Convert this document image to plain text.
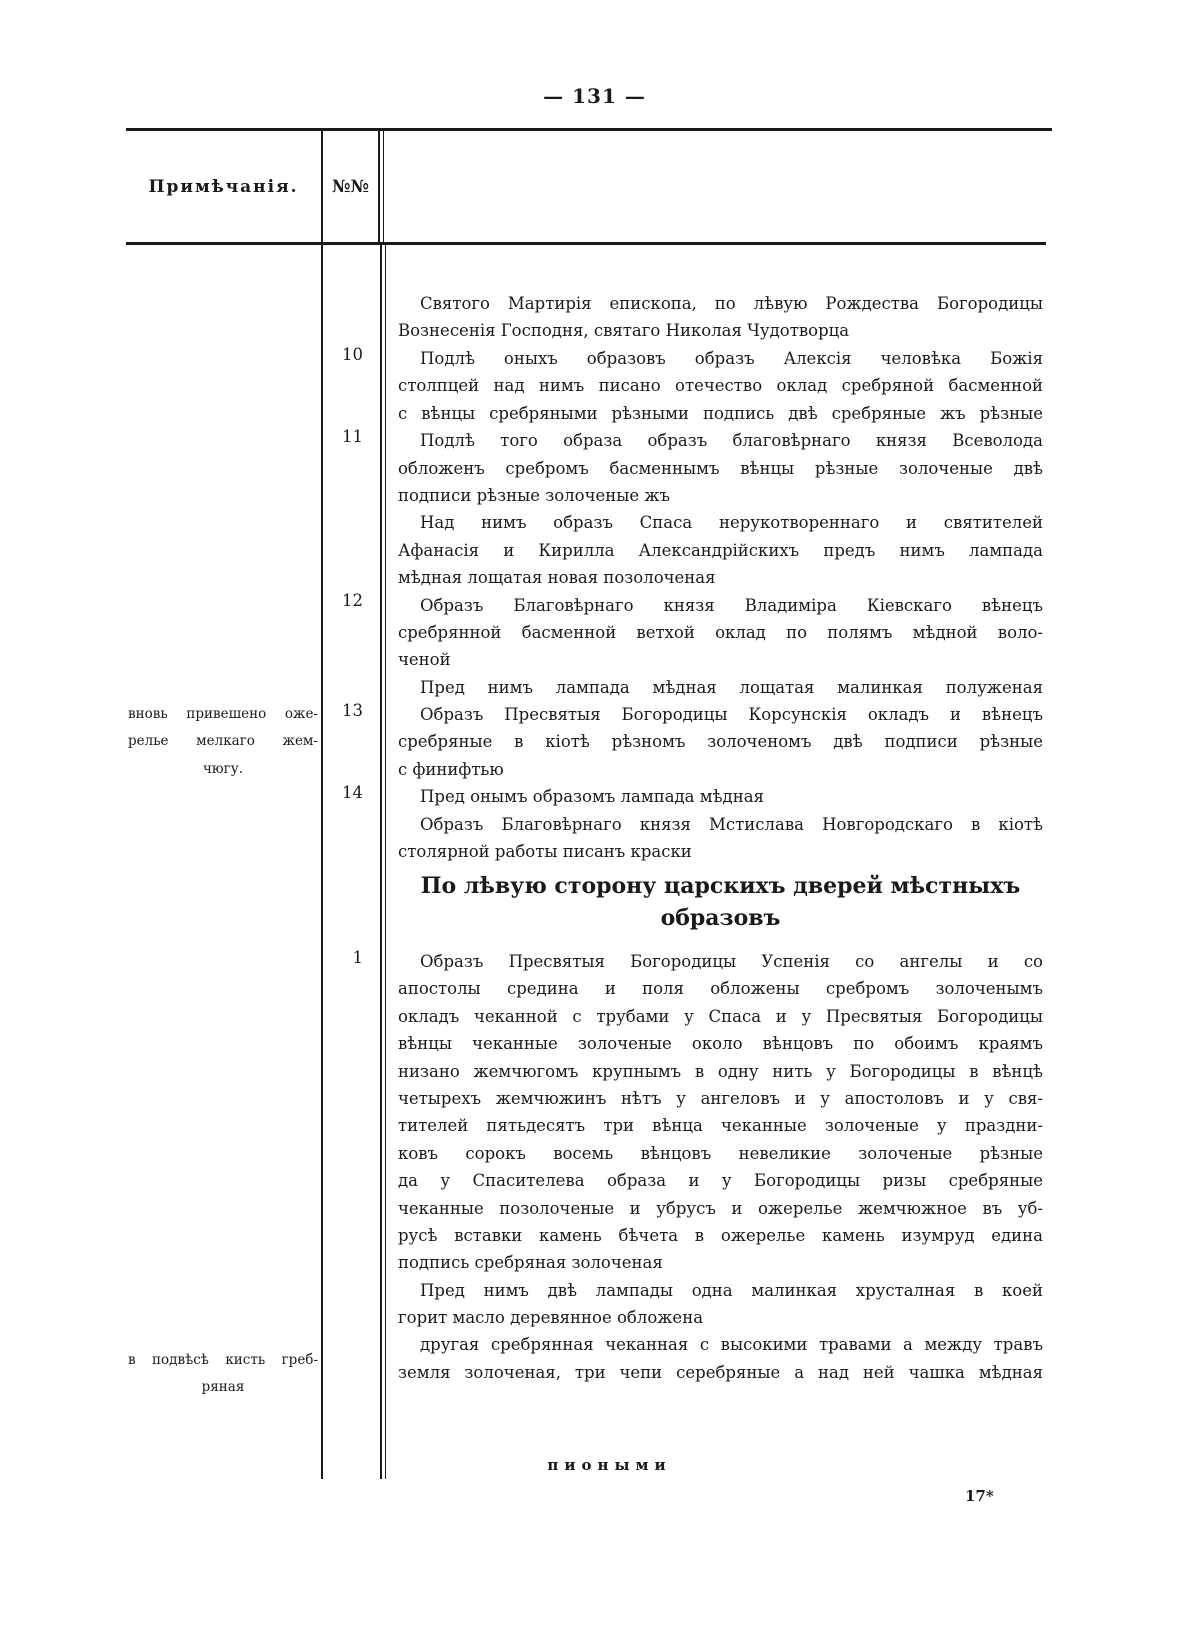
— 131 —
Примѣчанія.	№№
Святого Мартирія епископа, по лѣвую Рождества Богородицы
Вознесенія Господня, святаго Николая Чудотворца
Подлѣ оныхъ образовъ образъ Алексія человѣка Божія
столпцей над нимъ писано отечество оклад сребряной басменной
с вѣнцы сребряными рѣзными подпись двѣ сребряные жъ рѣзные
Подлѣ того образа образъ благовѣрнаго князя Всеволода
обложенъ сребромъ басменнымъ вѣнцы рѣзные золоченые двѣ
подписи рѣзные золоченые жъ
Над нимъ образъ Спаса нерукотвореннаго и святителей
Афанасія и Кирилла Александрійскихъ предъ нимъ лампада
мѣдная лощатая новая позолоченая
Образъ Благовѣрнаго князя Владиміра Кіевскаго вѣнецъ
сребрянной басменной ветхой оклад по полямъ мѣдной воло-
ченой
Пред нимъ лампада мѣдная лощатая малинкая полуженая
Образъ Пресвятыя Богородицы Корсунскія окладъ и вѣнецъ
сребряные в кіотѣ рѣзномъ золоченомъ двѣ подписи рѣзные
с финифтью
Пред онымъ образомъ лампада мѣдная
Образъ Благовѣрнаго князя Мстислава Новгородскаго в кіотѣ
столярной работы писанъ краски
По лѣвую сторону царскихъ дверей мѣстныхъ
образовъ
Образъ Пресвятыя Богородицы Успенія со ангелы и со
апостолы средина и поля обложены сребромъ золоченымъ
окладъ чеканной с трубами у Спаса и у Пресвятыя Богородицы
вѣнцы чеканные золоченые около вѣнцовъ по обоимъ краямъ
низано жемчюгомъ крупнымъ в одну нить у Богородицы в вѣнцѣ
четырехъ жемчюжинъ нѣтъ у ангеловъ и у апостоловъ и у свя-
тителей пятьдесятъ три вѣнца чеканные золоченые у праздни-
ковъ сорокъ восемь вѣнцовъ невеликие золоченые рѣзные
да у Спасителева образа и у Богородицы ризы сребряные
чеканные позолоченые и убрусъ и ожерелье жемчюжное въ уб-
русѣ вставки камень бѣчета в ожерелье камень изумруд едина
подпись сребряная золоченая
Пред нимъ двѣ лампады одна малинкая хрусталная в коей
горит масло деревянное обложена
другая сребрянная чеканная с высокими травами а между травъ
земля золоченая, три чепи серебряные а над ней чашка мѣдная
10
11
12
13
14
1
вновь привешено оже-
релье мелкаго жем-
чюгу.
в подвѣсѣ кисть греб-
ряная
пиоными
17*
